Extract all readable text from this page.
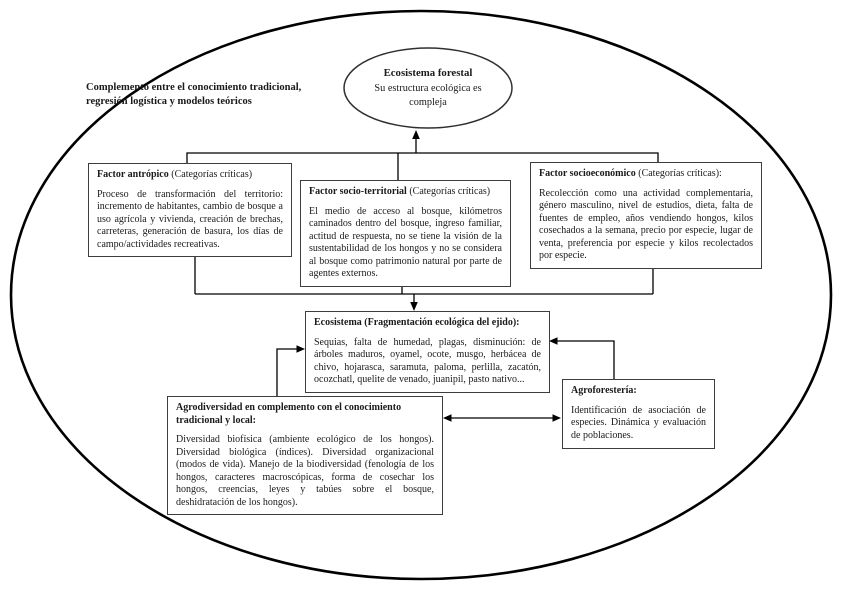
Complemento entre el conocimiento tradicional, regresión logística y modelos teóricos
Ecosistema forestal
Su estructura ecológica es compleja
Factor antrópico (Categorías críticas)
Proceso de transformación del territorio: incremento de habitantes, cambio de bosque a uso agrícola y vivienda, creación de brechas, carreteras, generación de basura, los días de campo/actividades recreativas.
Factor socio-territorial (Categorías críticas)
El medio de acceso al bosque, kilómetros caminados dentro del bosque, ingreso familiar, actitud de respuesta, no se tiene la visión de la sustentabilidad de los hongos y no se considera al bosque como patrimonio natural por parte de agentes externos.
Factor socioeconómico (Categorías críticas):
Recolección como una actividad complementaria, género masculino, nivel de estudios, dieta, falta de fuentes de empleo, años vendiendo hongos, kilos cosechados a la semana, precio por especie, lugar de venta, preferencia por especie y kilos recolectados por especie.
Ecosistema (Fragmentación ecológica del ejido):
Sequias, falta de humedad, plagas, disminución: de árboles maduros, oyamel, ocote, musgo, herbácea de chivo, hojarasca, saramuta, paloma, perlilla, zacatón, ocozchatl, quelite de venado, juanipil, pasto nativo...
Agrodiversidad en complemento con el conocimiento tradicional y local:
Diversidad biofísica (ambiente ecológico de los hongos). Diversidad biológica (índices). Diversidad organizacional (modos de vida). Manejo de la biodiversidad (fenología de los hongos, caracteres macroscópicas, forma de cosechar los hongos, creencias, leyes y tabúes sobre el bosque, deshidratación de los hongos).
Agroforestería:
Identificación de asociación de especies. Dinámica y evaluación de poblaciones.
